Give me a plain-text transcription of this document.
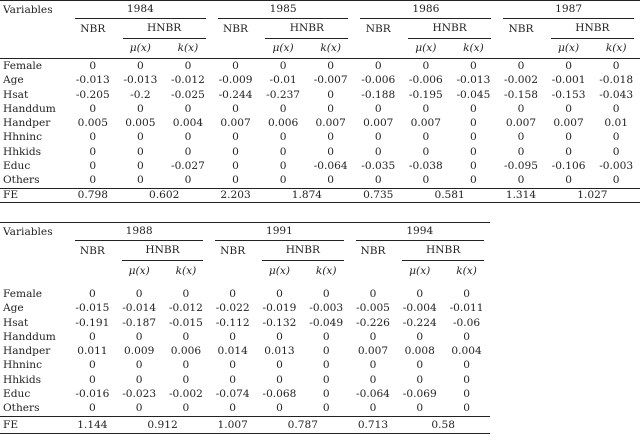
Variables	1984			1985			1986			1987		

	NBR	HNBR		NBR	HNBR		NBR	HNBR		NBR	HNBR	

		μ(x)	k(x)		μ(x)	k(x)		μ(x)	k(x)		μ(x)	k(x)
Female	0	0	0	0	0	0	0	0	0	0	0	0
Age	-0.013	-0.013	-0.012	-0.009	-0.01	-0.007	-0.006	-0.006	-0.013	-0.002	-0.001	-0.018
Hsat	-0.205	-0.2	-0.025	-0.244	-0.237	0	-0.188	-0.195	-0.045	-0.158	-0.153	-0.043
Handdum	0	0	0	0	0	0	0	0	0	0	0	0
Handper	0.005	0.005	0.004	0.007	0.006	0.007	0.007	0.007	0	0.007	0.007	0.01
Hhninc	0	0	0	0	0	0	0	0	0	0	0	0
Hhkids	0	0	0	0	0	0	0	0	0	0	0	0
Educ	0	0	-0.027	0	0	-0.064	-0.035	-0.038	0	-0.095	-0.106	-0.003
Others	0	0	0	0	0	0	0	0	0	0	0	0
FE	0.798	0.602		2.203	1.874		0.735	0.581		1.314	1.027	
Variables	1988			1991			1994		

	NBR	HNBR		NBR	HNBR		NBR	HNBR	

		μ(x)	k(x)		μ(x)	k(x)		μ(x)	k(x)

Female	0	0	0	0	0	0	0	0	0
Age	-0.015	-0.014	-0.012	-0.022	-0.019	-0.003	-0.005	-0.004	-0.011
Hsat	-0.191	-0.187	-0.015	-0.112	-0.132	-0.049	-0.226	-0.224	-0.06
Handdum	0	0	0	0	0	0	0	0	0
Handper	0.011	0.009	0.006	0.014	0.013	0	0.007	0.008	0.004
Hhninc	0	0	0	0	0	0	0	0	0
Hhkids	0	0	0	0	0	0	0	0	0
Educ	-0.016	-0.023	-0.002	-0.074	-0.068	0	-0.064	-0.069	0
Others	0	0	0	0	0	0	0	0	0
FE	1.144	0.912		1.007	0.787		0.713	0.58	
